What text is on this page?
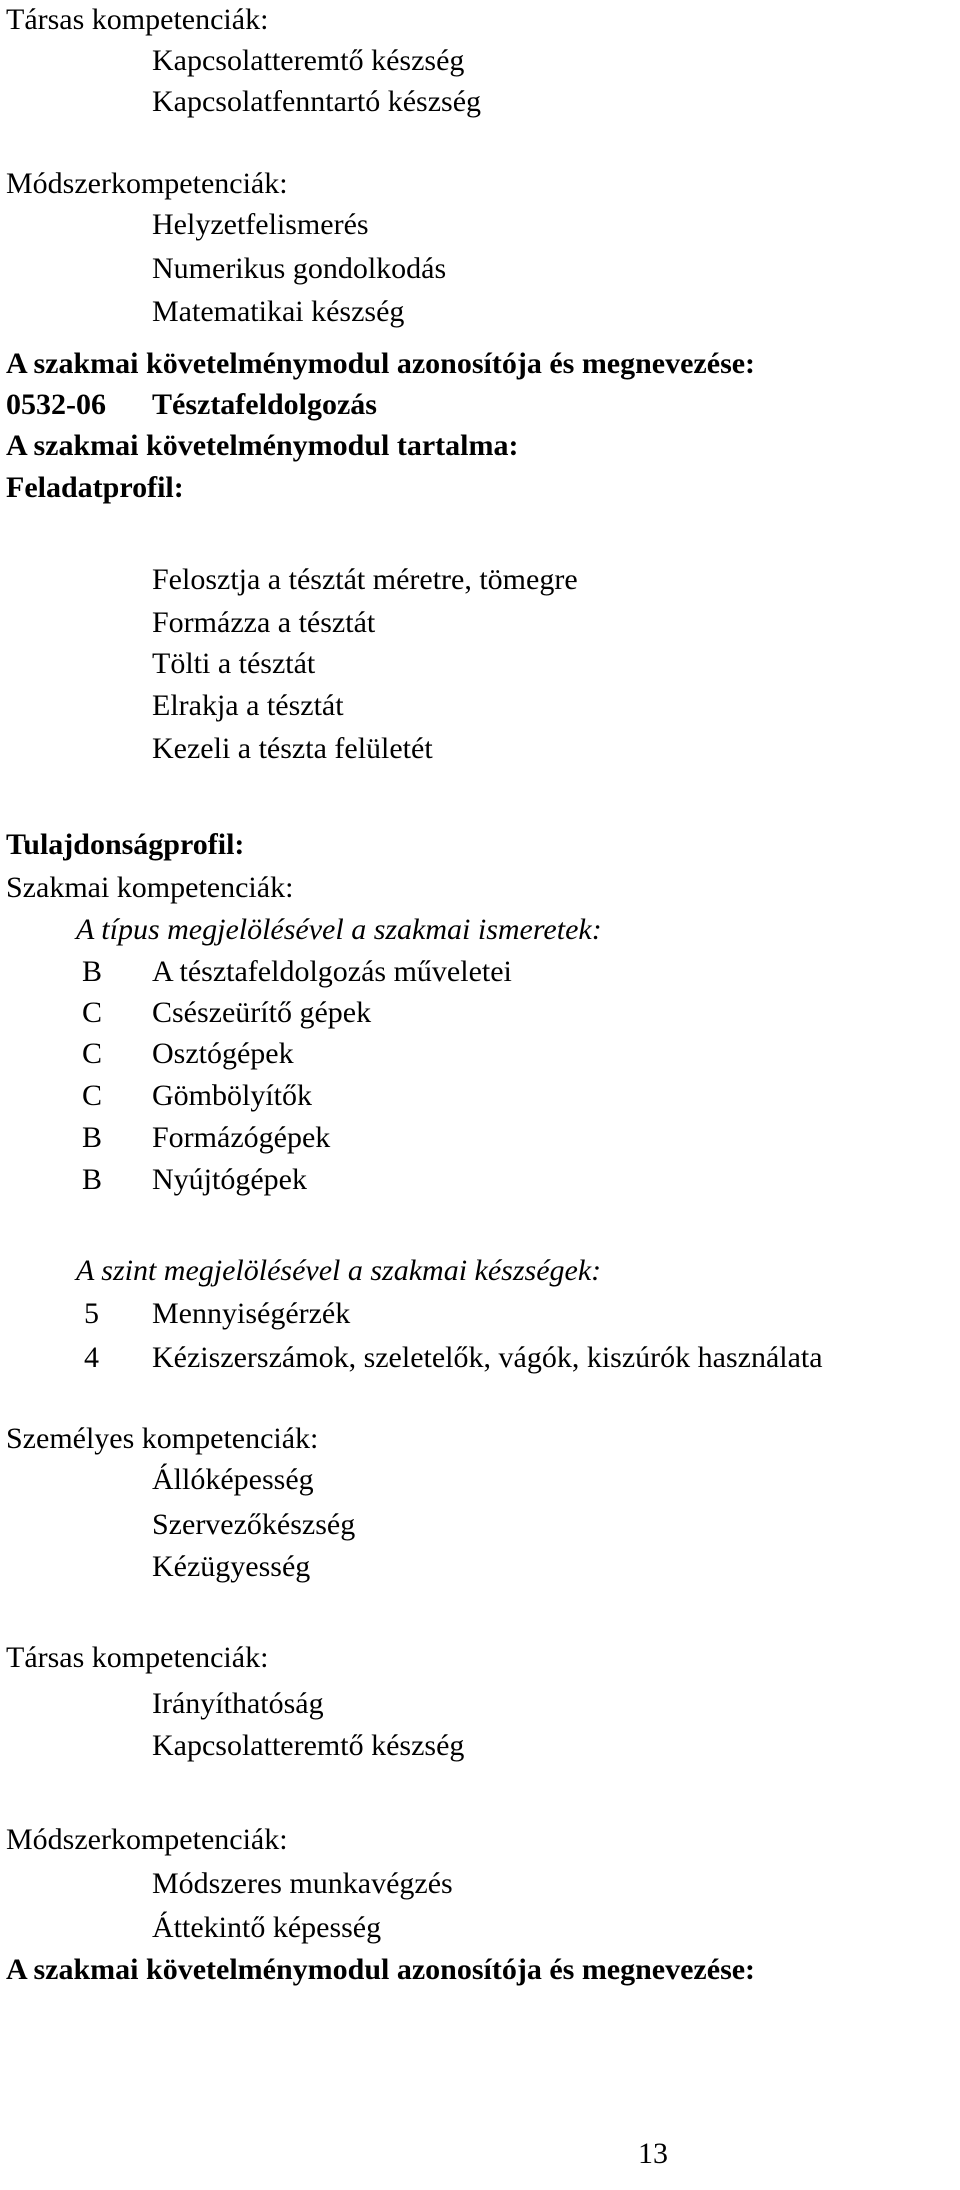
Társas kompetenciák:
Kapcsolatteremtő készség
Kapcsolatfenntartó készség
Módszerkompetenciák:
Helyzetfelismerés
Numerikus gondolkodás
Matematikai készség
A szakmai követelménymodul azonosítója és megnevezése:
0532-06 Tésztafeldolgozás
A szakmai követelménymodul tartalma:
Feladatprofil:
Felosztja a tésztát méretre, tömegre
Formázza a tésztát
Tölti a tésztát
Elrakja a tésztát
Kezeli a tészta felületét
Tulajdonságprofil:
Szakmai kompetenciák:
A típus megjelölésével a szakmai ismeretek:
B A tésztafeldolgozás műveletei
C Csészeürítő gépek
C Osztógépek
C Gömbölyítők
B Formázógépek
B Nyújtógépek
A szint megjelölésével a szakmai készségek:
5 Mennyiségérzék
4 Kéziszerszámok, szeletelők, vágók, kiszúrók használata
Személyes kompetenciák:
Állóképesség
Szervezőkészség
Kézügyesség
Társas kompetenciák:
Irányíthatóság
Kapcsolatteremtő készség
Módszerkompetenciák:
Módszeres munkavégzés
Áttekintő képesség
A szakmai követelménymodul azonosítója és megnevezése:
13
